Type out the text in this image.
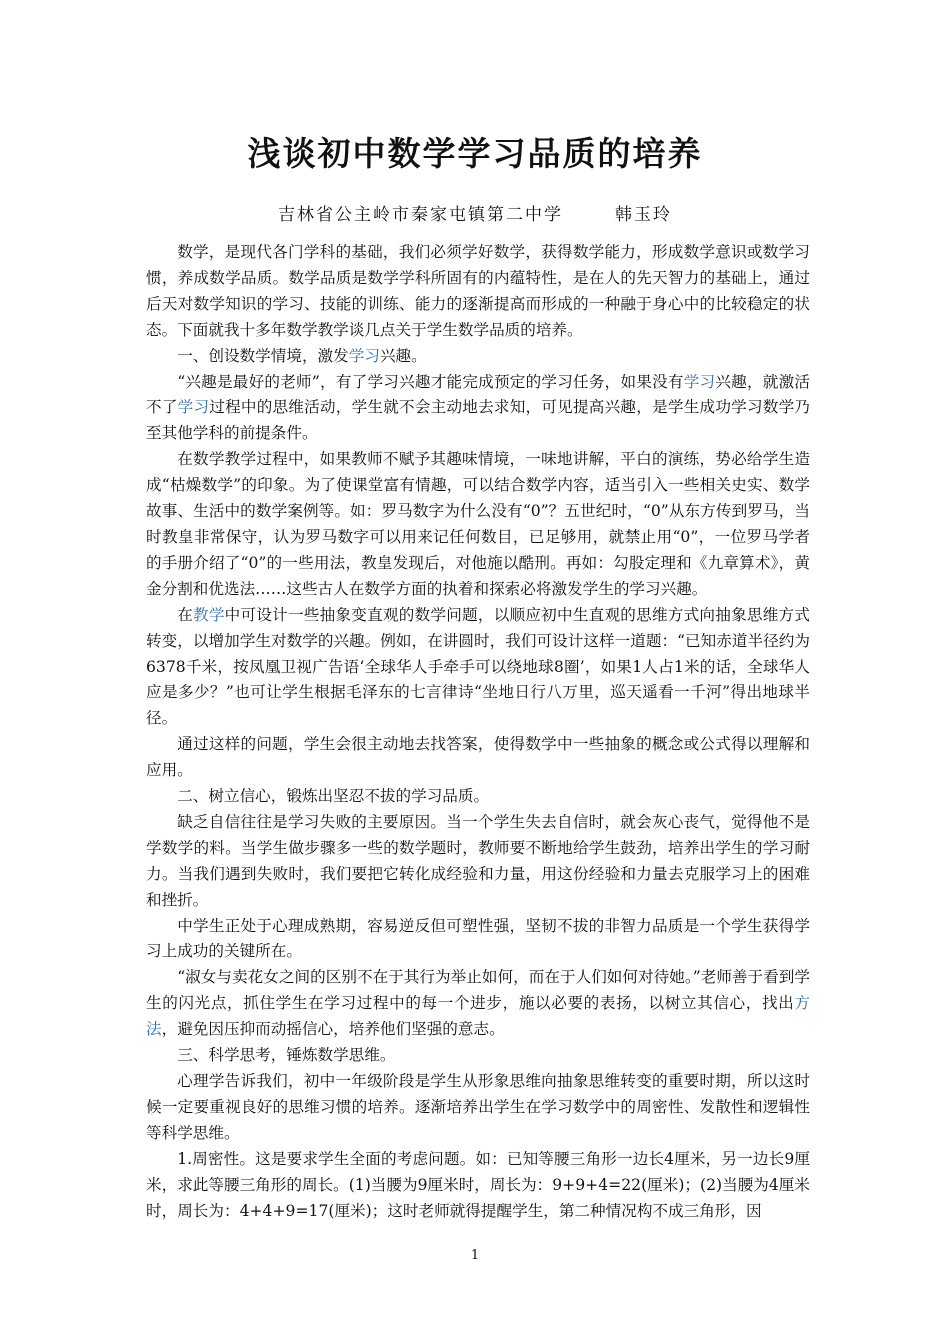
浅谈初中数学学习品质的培养
吉林省公主岭市秦家屯镇第二中学	韩玉玲

数学，是现代各门学科的基础，我们必须学好数学，获得数学能力，形成数学意识或数学习惯，养成数学品质。数学品质是数学学科所固有的内蕴特性，是在人的先天智力的基础上，通过后天对数学知识的学习、技能的训练、能力的逐渐提高而形成的一种融于身心中的比较稳定的状态。下面就我十多年数学教学谈几点关于学生数学品质的培养。

一、创设数学情境，激发学习兴趣。

“兴趣是最好的老师”，有了学习兴趣才能完成预定的学习任务，如果没有学习兴趣，就激活不了学习过程中的思维活动，学生就不会主动地去求知，可见提高兴趣，是学生成功学习数学乃至其他学科的前提条件。

在数学教学过程中，如果教师不赋予其趣味情境，一味地讲解，平白的演练，势必给学生造成“枯燥数学”的印象。为了使课堂富有情趣，可以结合数学内容，适当引入一些相关史实、数学故事、生活中的数学案例等。如：罗马数字为什么没有“0”？五世纪时，“0”从东方传到罗马，当时教皇非常保守，认为罗马数字可以用来记任何数目，已足够用，就禁止用“0”，一位罗马学者的手册介绍了“0”的一些用法，教皇发现后，对他施以酷刑。再如：勾股定理和《九章算术》，黄金分割和优选法……这些古人在数学方面的执着和探索必将激发学生的学习兴趣。

在教学中可设计一些抽象变直观的数学问题，以顺应初中生直观的思维方式向抽象思维方式转变，以增加学生对数学的兴趣。例如，在讲圆时，我们可设计这样一道题：“已知赤道半径约为6378千米，按凤凰卫视广告语‘全球华人手牵手可以绕地球8圈’，如果1人占1米的话，全球华人应是多少？”也可让学生根据毛泽东的七言律诗“坐地日行八万里，巡天遥看一千河”得出地球半径。

通过这样的问题，学生会很主动地去找答案，使得数学中一些抽象的概念或公式得以理解和应用。

二、树立信心，锻炼出坚忍不拔的学习品质。

缺乏自信往往是学习失败的主要原因。当一个学生失去自信时，就会灰心丧气，觉得他不是学数学的料。当学生做步骤多一些的数学题时，教师要不断地给学生鼓劲，培养出学生的学习耐力。当我们遇到失败时，我们要把它转化成经验和力量，用这份经验和力量去克服学习上的困难和挫折。

中学生正处于心理成熟期，容易逆反但可塑性强，坚韧不拔的非智力品质是一个学生获得学习上成功的关键所在。

“淑女与卖花女之间的区别不在于其行为举止如何，而在于人们如何对待她。”老师善于看到学生的闪光点，抓住学生在学习过程中的每一个进步，施以必要的表扬，以树立其信心，找出方法，避免因压抑而动摇信心，培养他们坚强的意志。

三、科学思考，锤炼数学思维。

心理学告诉我们，初中一年级阶段是学生从形象思维向抽象思维转变的重要时期，所以这时候一定要重视良好的思维习惯的培养。逐渐培养出学生在学习数学中的周密性、发散性和逻辑性等科学思维。

1.周密性。这是要求学生全面的考虑问题。如：已知等腰三角形一边长4厘米，另一边长9厘米，求此等腰三角形的周长。(1)当腰为9厘米时，周长为：9+9+4=22(厘米)；(2)当腰为4厘米时，周长为：4+4+9=17(厘米)；这时老师就得提醒学生，第二种情况构不成三角形，因

1
